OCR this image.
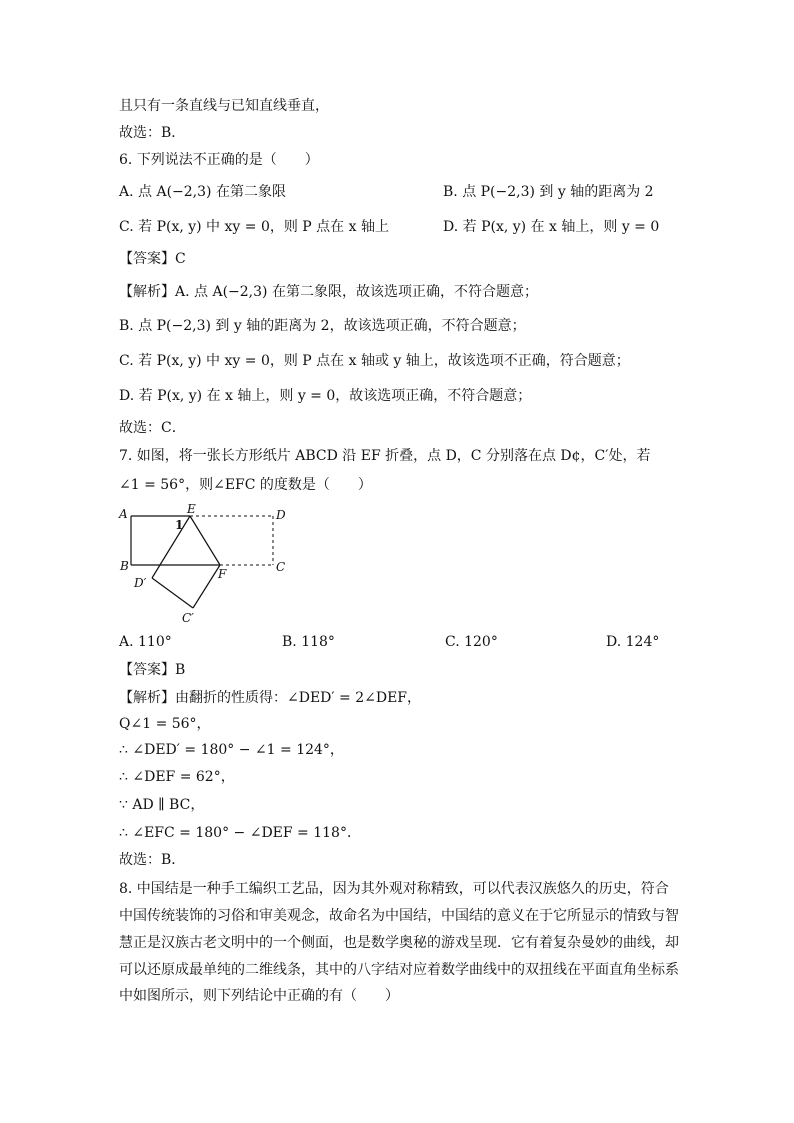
且只有一条直线与已知直线垂直，
故选：B．
6. 下列说法不正确的是（　　）
A. 点 A(−2,3) 在第二象限	B. 点 P(−2,3) 到 y 轴的距离为 2
C. 若 P(x, y) 中 xy = 0，则 P 点在 x 轴上	D. 若 P(x, y) 在 x 轴上，则 y = 0
【答案】C
【解析】A. 点 A(−2,3) 在第二象限，故该选项正确，不符合题意；
B. 点 P(−2,3) 到 y 轴的距离为 2，故该选项正确，不符合题意；
C. 若 P(x, y) 中 xy = 0，则 P 点在 x 轴或 y 轴上，故该选项不正确，符合题意；
D. 若 P(x, y) 在 x 轴上，则 y = 0，故该选项正确，不符合题意；
故选：C．
7. 如图，将一张长方形纸片 ABCD 沿 EF 折叠，点 D，C 分别落在点 D¢，C′处，若
∠1 = 56°，则∠EFC 的度数是（　　）
A	E	D
1
B
F	C
D′
C′
A. 110°	B. 118°	C. 120°	D. 124°
【答案】B
【解析】由翻折的性质得：∠DED′ = 2∠DEF，
Q∠1 = 56°，
∴ ∠DED′ = 180° − ∠1 = 124°，
∴ ∠DEF = 62°，
∵ AD ∥ BC，
∴ ∠EFC = 180° − ∠DEF = 118°．
故选：B．
8. 中国结是一种手工编织工艺品，因为其外观对称精致，可以代表汉族悠久的历史，符合
中国传统装饰的习俗和审美观念，故命名为中国结，中国结的意义在于它所显示的情致与智
慧正是汉族古老文明中的一个侧面，也是数学奥秘的游戏呈现．它有着复杂曼妙的曲线，却
可以还原成最单纯的二维线条，其中的八字结对应着数学曲线中的双扭线在平面直角坐标系
中如图所示，则下列结论中正确的有（　　）
